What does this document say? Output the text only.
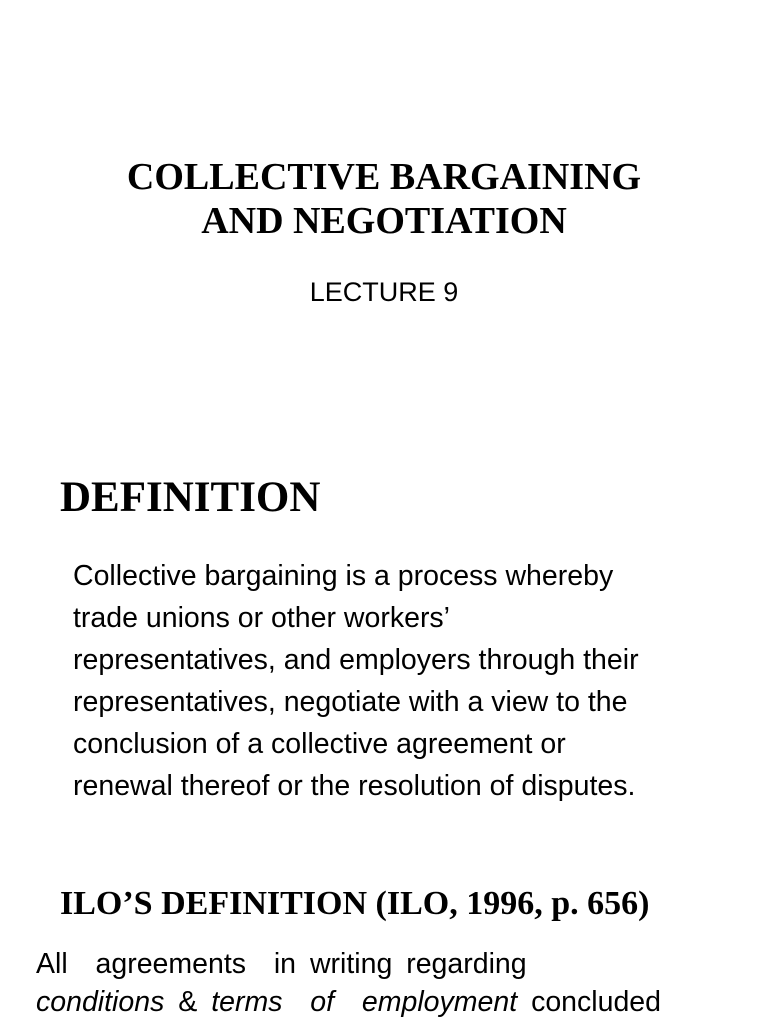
COLLECTIVE BARGAINING
AND NEGOTIATION

LECTURE 9

DEFINITION
Collective bargaining is a process whereby
trade unions or other workers’
representatives, and employers through their
representatives, negotiate with a view to the
conclusion of a collective agreement or
renewal thereof or the resolution of disputes.
ILO’S DEFINITION (ILO, 1996, p. 656)
All  agreements  in writing regarding
conditions & terms  of  employment concluded
